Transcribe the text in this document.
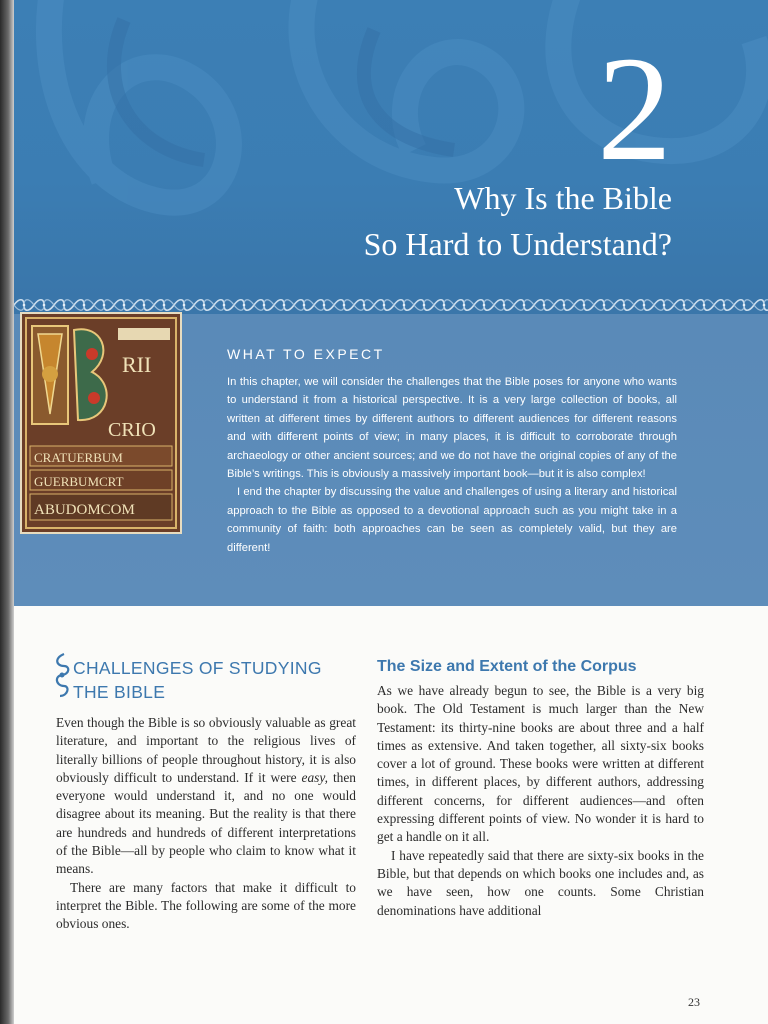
2
Why Is the Bible
So Hard to Understand?
RII
CRIO
CRATUERBUM
GUERBUMCRT
ABUDOMCOM
WHAT TO EXPECT

In this chapter, we will consider the challenges that the Bible poses for anyone who wants to understand it from a historical perspective. It is a very large collection of books, all written at different times by different authors to different audiences for different reasons and with different points of view; in many places, it is difficult to corroborate through archaeology or other ancient sources; and we do not have the original copies of any of the Bible’s writings. This is obviously a massively important book—but it is also complex!

I end the chapter by discussing the value and challenges of using a literary and historical approach to the Bible as opposed to a devotional approach such as you might take in a community of faith: both approaches can be seen as completely valid, but they are different!

CHALLENGES OF STUDYING
THE BIBLE

Even though the Bible is so obviously valuable as great literature, and important to the religious lives of literally billions of people throughout history, it is also obviously difficult to understand. If it were easy, then everyone would understand it, and no one would disagree about its meaning. But the reality is that there are hundreds and hundreds of different interpretations of the Bible—all by people who claim to know what it means.

There are many factors that make it difficult to interpret the Bible. The following are some of the more obvious ones.

The Size and Extent of the Corpus

As we have already begun to see, the Bible is a very big book. The Old Testament is much larger than the New Testament: its thirty-nine books are about three and a half times as extensive. And taken together, all sixty-six books cover a lot of ground. These books were written at different times, in different places, by different authors, addressing different concerns, for different audiences—and often expressing different points of view. No wonder it is hard to get a handle on it all.

I have repeatedly said that there are sixty-six books in the Bible, but that depends on which books one includes and, as we have seen, how one counts. Some Christian denominations have additional

23
